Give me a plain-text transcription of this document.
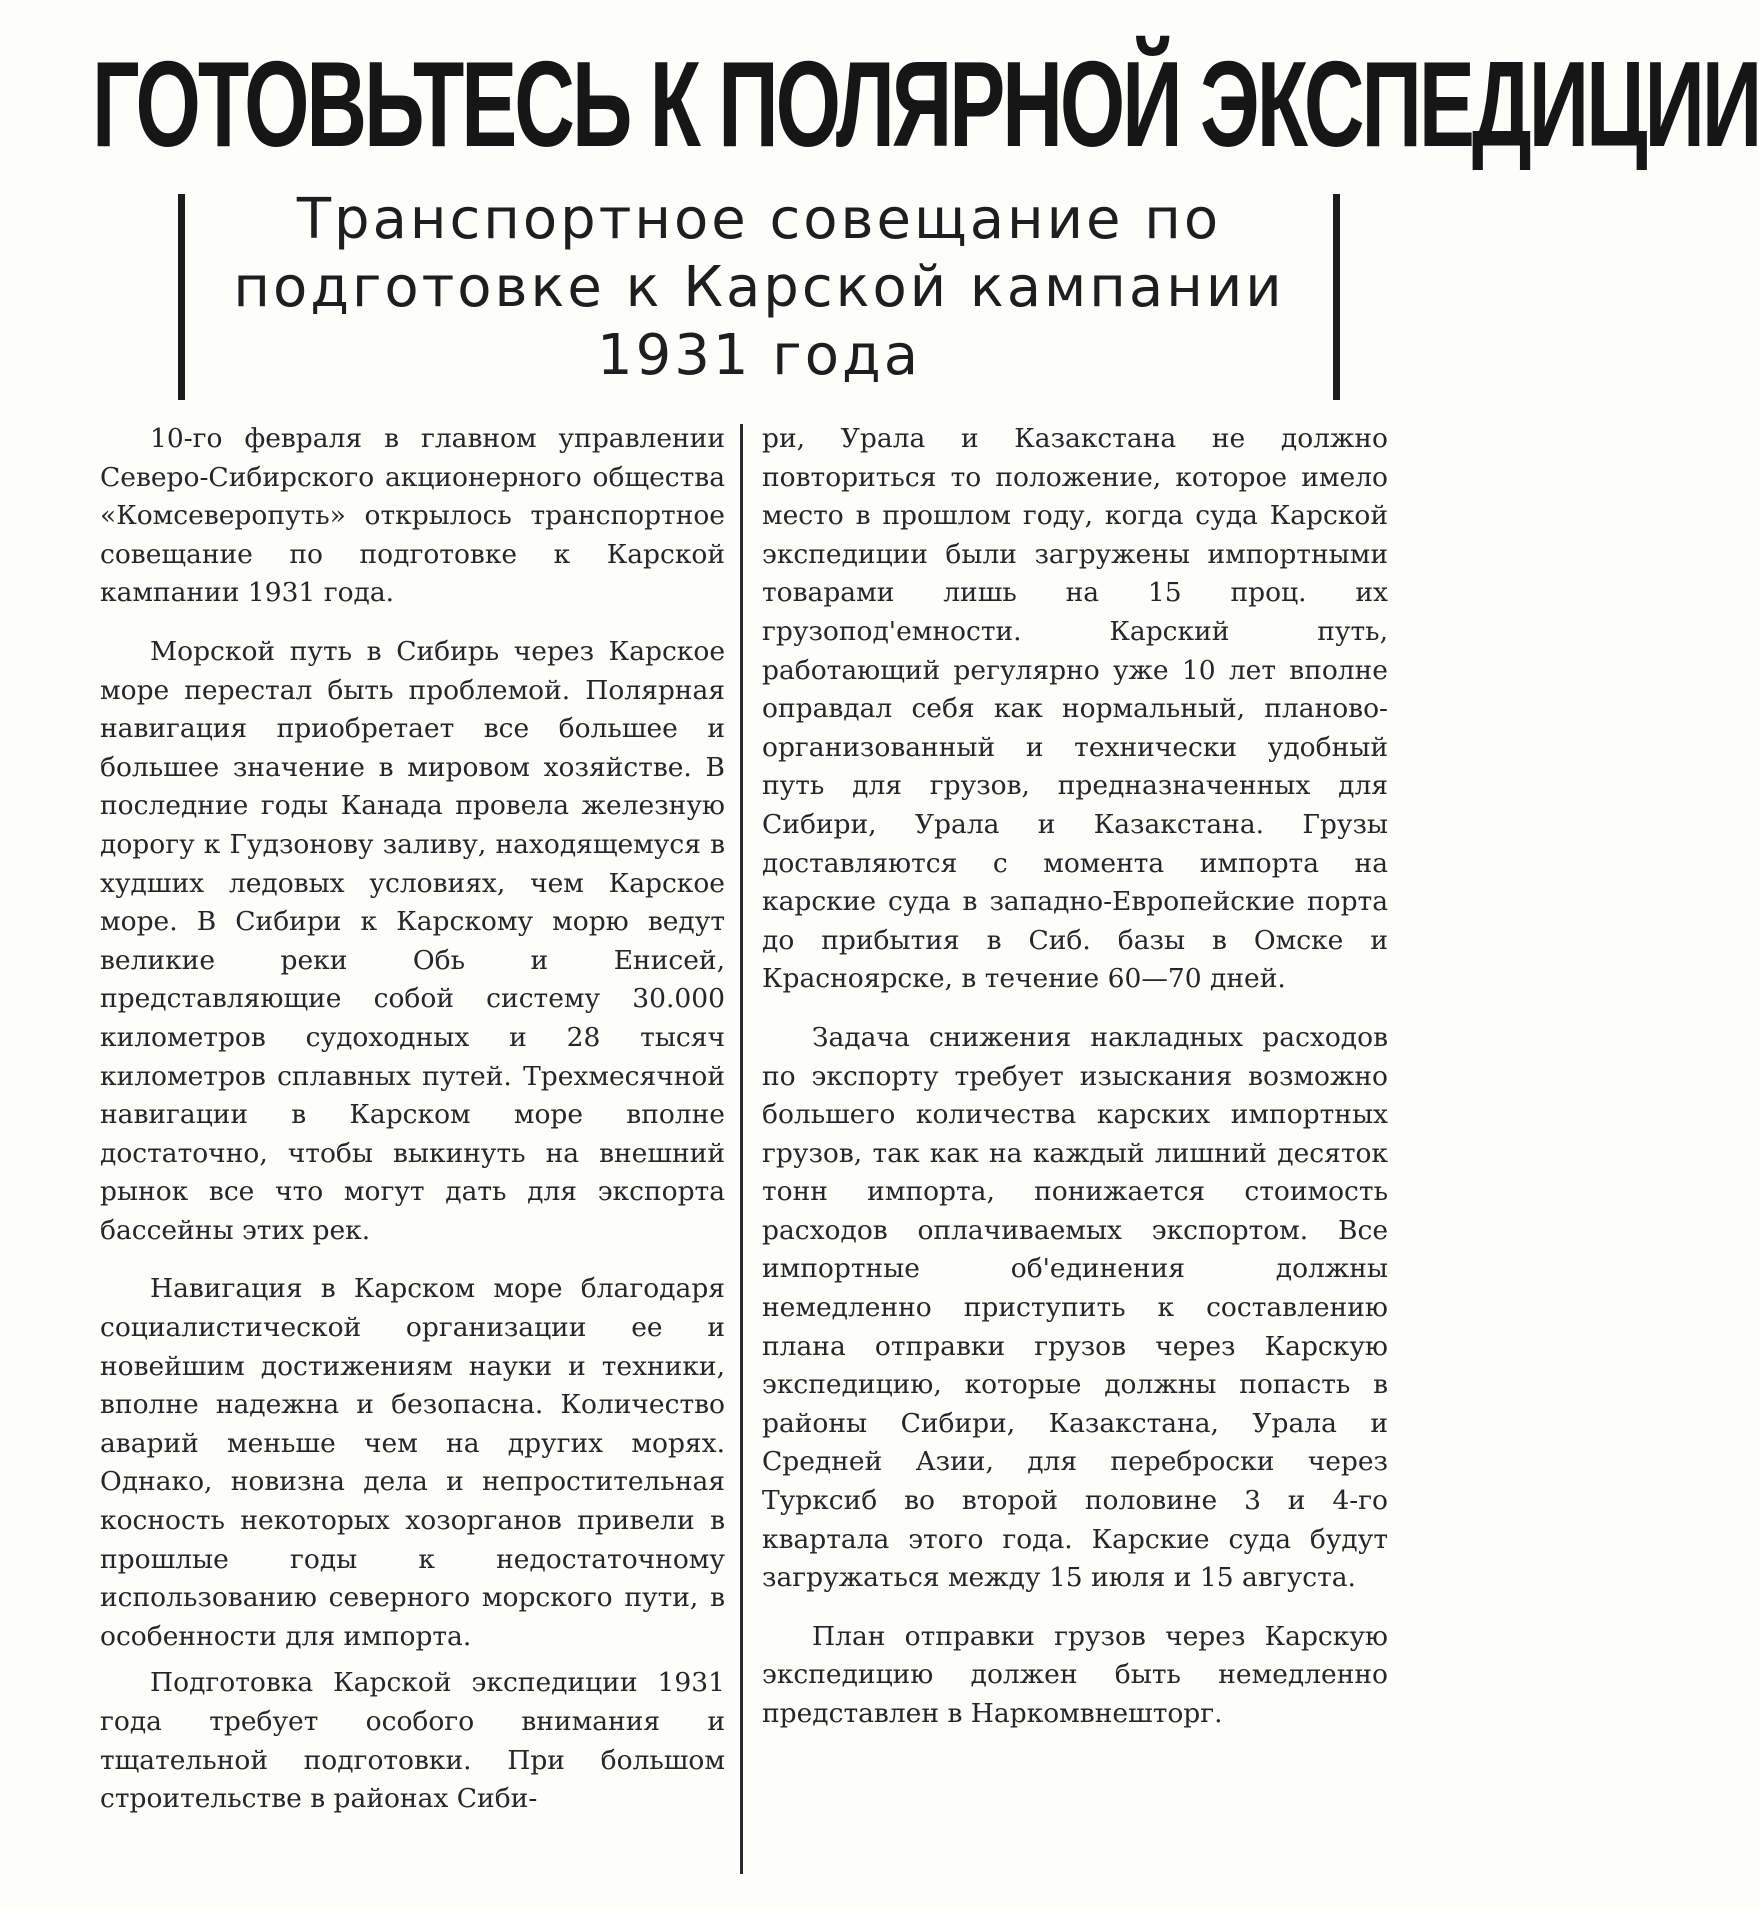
ГОТОВЬТЕСЬ К ПОЛЯРНОЙ ЭКСПЕДИЦИИ
Транспортное совещание по подготовке к Карской кампании 1931 года

10-го февраля в главном управлении Северо-Сибирского акционерного общества «Комсеверопуть» открылось транспортное совещание по подготовке к Карской кампании 1931 года.

Морской путь в Сибирь через Карское море перестал быть проблемой. Полярная навигация приобретает все большее и большее значение в мировом хозяйстве. В последние годы Канада провела железную дорогу к Гудзонову заливу, находящемуся в худших ледовых условиях, чем Карское море. В Сибири к Карскому морю ведут великие реки Обь и Енисей, представляющие собой систему 30.000 километров судоходных и 28 тысяч километров сплавных путей. Трехмесячной навигации в Карском море вполне достаточно, чтобы выкинуть на внешний рынок все что могут дать для экспорта бассейны этих рек.

Навигация в Карском море благодаря социалистической организации ее и новейшим достижениям науки и техники, вполне надежна и безопасна. Количество аварий меньше чем на других морях. Однако, новизна дела и непростительная косность некоторых хозорганов привели в прошлые годы к недостаточному использованию северного морского пути, в особенности для импорта.

Подготовка Карской экспедиции 1931 года требует особого внимания и тщательной подготовки. При большом строительстве в районах Сиби-

ри, Урала и Казакстана не должно повториться то положение, которое имело место в прошлом году, когда суда Карской экспедиции были загружены импортными товарами лишь на 15 проц. их грузопод'емности. Карский путь, работающий регулярно уже 10 лет вполне оправдал себя как нормальный, планово-организованный и технически удобный путь для грузов, предназначенных для Сибири, Урала и Казакстана. Грузы доставляются с момента импорта на карские суда в западно-Европейские порта до прибытия в Сиб. базы в Омске и Красноярске, в течение 60—70 дней.

Задача снижения накладных расходов по экспорту требует изыскания возможно большего количества карских импортных грузов, так как на каждый лишний десяток тонн импорта, понижается стоимость расходов оплачиваемых экспортом. Все импортные об'единения должны немедленно приступить к составлению плана отправки грузов через Карскую экспедицию, которые должны попасть в районы Сибири, Казакстана, Урала и Средней Азии, для переброски через Турксиб во второй половине 3 и 4-го квартала этого года. Карские суда будут загружаться между 15 июля и 15 августа.

План отправки грузов через Карскую экспедицию должен быть немедленно представлен в Наркомвнешторг.
